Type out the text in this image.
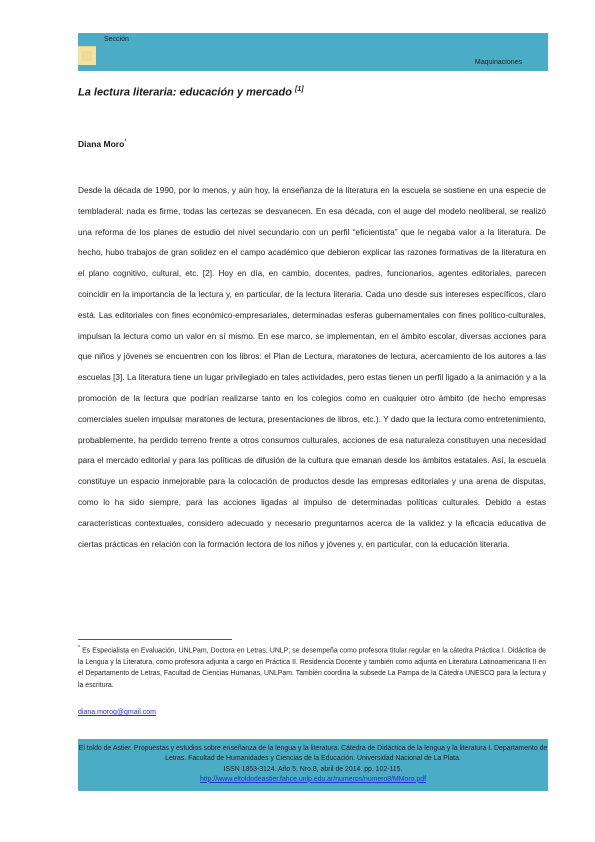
Sección
Maquinaciones
La lectura literaria: educación y mercado [1]
Diana Moro*
Desde la década de 1990, por lo menos, y aún hoy, la enseñanza de la literatura en la escuela se sostiene en una especie de tembladeral: nada es firme, todas las certezas se desvanecen. En esa década, con el auge del modelo neoliberal, se realizó una reforma de los planes de estudio del nivel secundario con un perfil “eficientista” que le negaba valor a la literatura. De hecho, hubo trabajos de gran solidez en el campo académico que debieron explicar las razones formativas de la literatura en el plano cognitivo, cultural, etc. [2]. Hoy en día, en cambio, docentes, padres, funcionarios, agentes editoriales, parecen coincidir en la importancia de la lectura y, en particular, de la lectura literaria. Cada uno desde sus intereses específicos, claro está. Las editoriales con fines económico-empresariales, determinadas esferas gubernamentales con fines político-culturales, impulsan la lectura como un valor en sí mismo. En ese marco, se implementan, en el ámbito escolar, diversas acciones para que niños y jóvenes se encuentren con los libros: el Plan de Lectura, maratones de lectura, acercamiento de los autores a las escuelas [3]. La literatura tiene un lugar privilegiado en tales actividades, pero estas tienen un perfil ligado a la animación y a la promoción de la lectura que podrían realizarse tanto en los colegios como en cualquier otro ámbito (de hecho empresas comerciales suelen impulsar maratones de lectura, presentaciones de libros, etc.). Y dado que la lectura como entretenimiento, probablemente, ha perdido terreno frente a otros consumos culturales, acciones de esa naturaleza constituyen una necesidad para el mercado editorial y para las políticas de difusión de la cultura que emanan desde los ámbitos estatales. Así, la escuela constituye un espacio inmejorable para la colocación de productos desde las empresas editoriales y una arena de disputas, como lo ha sido siempre, para las acciones ligadas al impulso de determinadas políticas culturales. Debido a estas características contextuales, considero adecuado y necesario preguntarnos acerca de la validez y la eficacia educativa de ciertas prácticas en relación con la formación lectora de los niños y jóvenes y, en particular, con la educación literaria.
* Es Especialista en Evaluación, UNLPam, Doctora en Letras, UNLP; se desempeña como profesora titular regular en la cátedra Práctica I. Didáctica de la Lengua y la Literatura, como profesora adjunta a cargo en Práctica II. Residencia Docente y también como adjunta en Literatura Latinoamericana II en el Departamento de Letras, Facultad de Ciencias Humanas, UNLPam. También coordina la subsede La Pampa de la Cátedra UNESCO para la lectura y la escritura.
diana.morog@gmail.com
El toldo de Astier. Propuestas y estudios sobre enseñanza de la lengua y la literatura. Cátedra de Didáctica de la lengua y la literatura I. Departamento de Letras. Facultad de Humanidades y Ciencias de la Educación. Universidad Nacional de La Plata.
ISSN 1853-3124. Año 5, Nro.8, abril de 2014. pp. 102-115.
http://www.eltoldodeastier.fahce.unlp.edu.ar/numeros/numero8/MMoro.pdf
